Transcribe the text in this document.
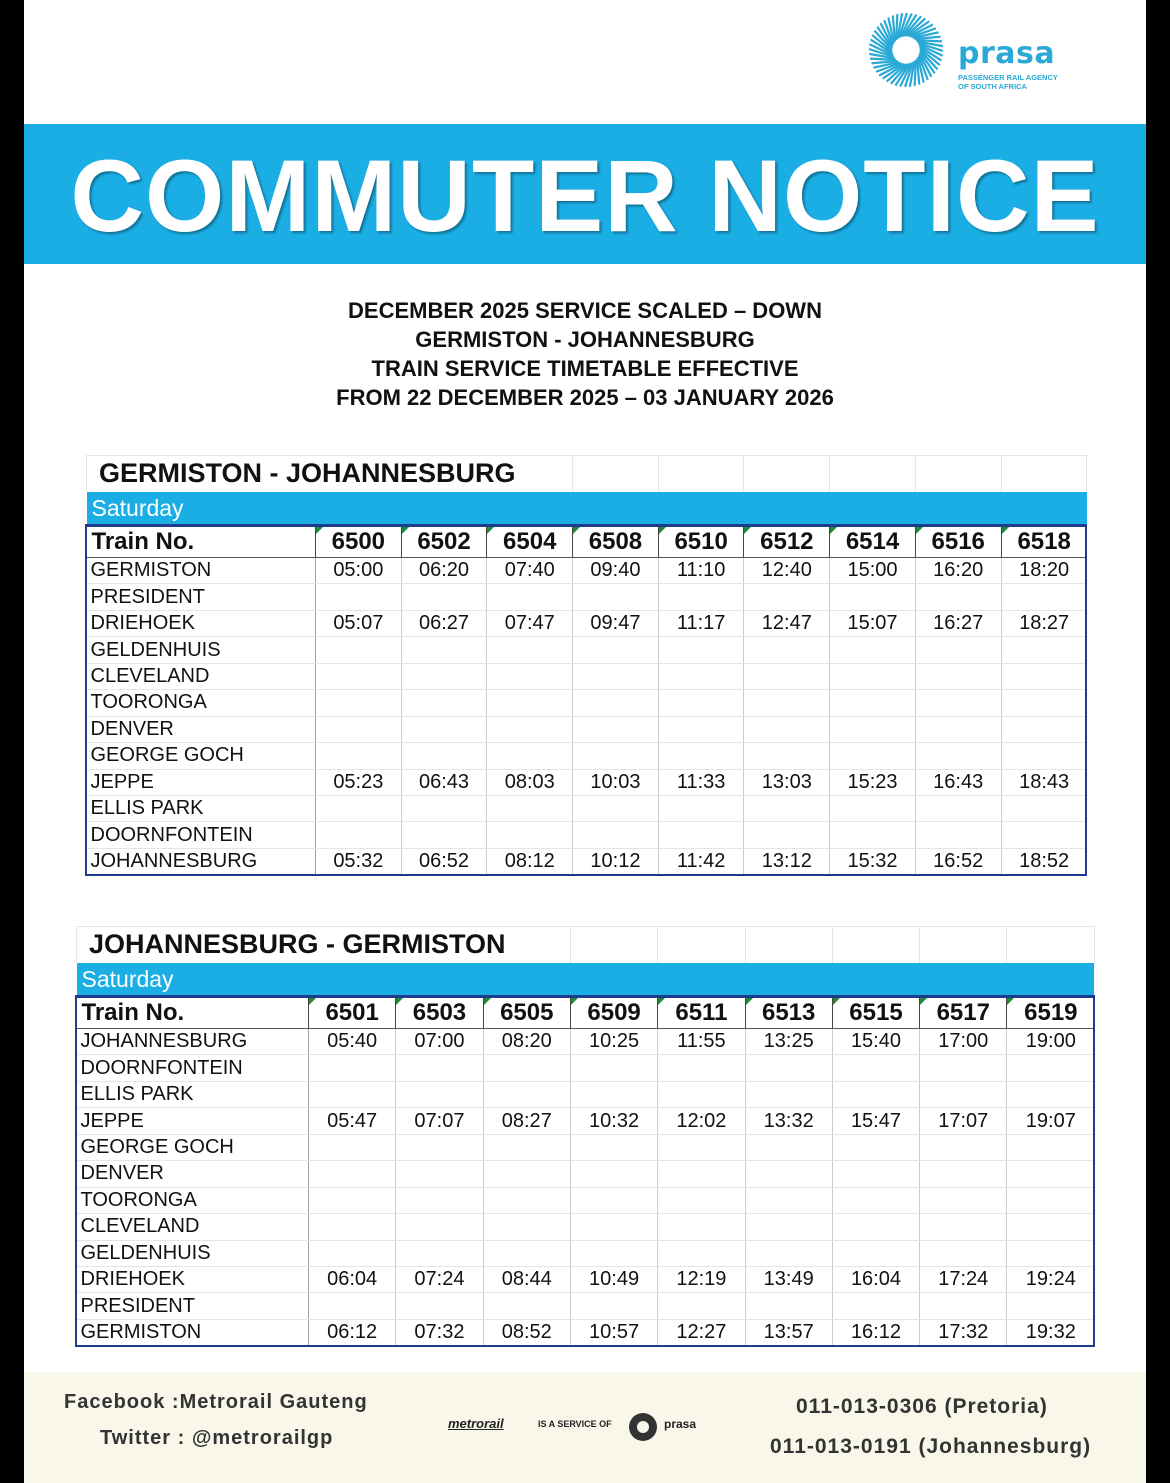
prasa
PASSENGER RAIL AGENCY
OF SOUTH AFRICA
COMMUTER NOTICE
DECEMBER 2025 SERVICE SCALED – DOWN
GERMISTON - JOHANNESBURG
TRAIN SERVICE TIMETABLE EFFECTIVE
FROM 22 DECEMBER 2025 – 03 JANUARY 2026
GERMISTON - JOHANNESBURG									
Saturday									
Train No.	6500	6502	6504	6508	6510	6512	6514	6516	6518
GERMISTON	05:00	06:20	07:40	09:40	11:10	12:40	15:00	16:20	18:20
PRESIDENT									
DRIEHOEK	05:07	06:27	07:47	09:47	11:17	12:47	15:07	16:27	18:27
GELDENHUIS									
CLEVELAND									
TOORONGA									
DENVER									
GEORGE GOCH									
JEPPE	05:23	06:43	08:03	10:03	11:33	13:03	15:23	16:43	18:43
ELLIS PARK									
DOORNFONTEIN									
JOHANNESBURG	05:32	06:52	08:12	10:12	11:42	13:12	15:32	16:52	18:52
JOHANNESBURG - GERMISTON									
Saturday									
Train No.	6501	6503	6505	6509	6511	6513	6515	6517	6519
JOHANNESBURG	05:40	07:00	08:20	10:25	11:55	13:25	15:40	17:00	19:00
DOORNFONTEIN									
ELLIS PARK									
JEPPE	05:47	07:07	08:27	10:32	12:02	13:32	15:47	17:07	19:07
GEORGE GOCH									
DENVER									
TOORONGA									
CLEVELAND									
GELDENHUIS									
DRIEHOEK	06:04	07:24	08:44	10:49	12:19	13:49	16:04	17:24	19:24
PRESIDENT									
GERMISTON	06:12	07:32	08:52	10:57	12:27	13:57	16:12	17:32	19:32
Facebook :Metrorail Gauteng
Twitter : @metrorailgp
metrorail	IS A SERVICE OF	prasa
011-013-0306 (Pretoria)
011-013-0191 (Johannesburg)
